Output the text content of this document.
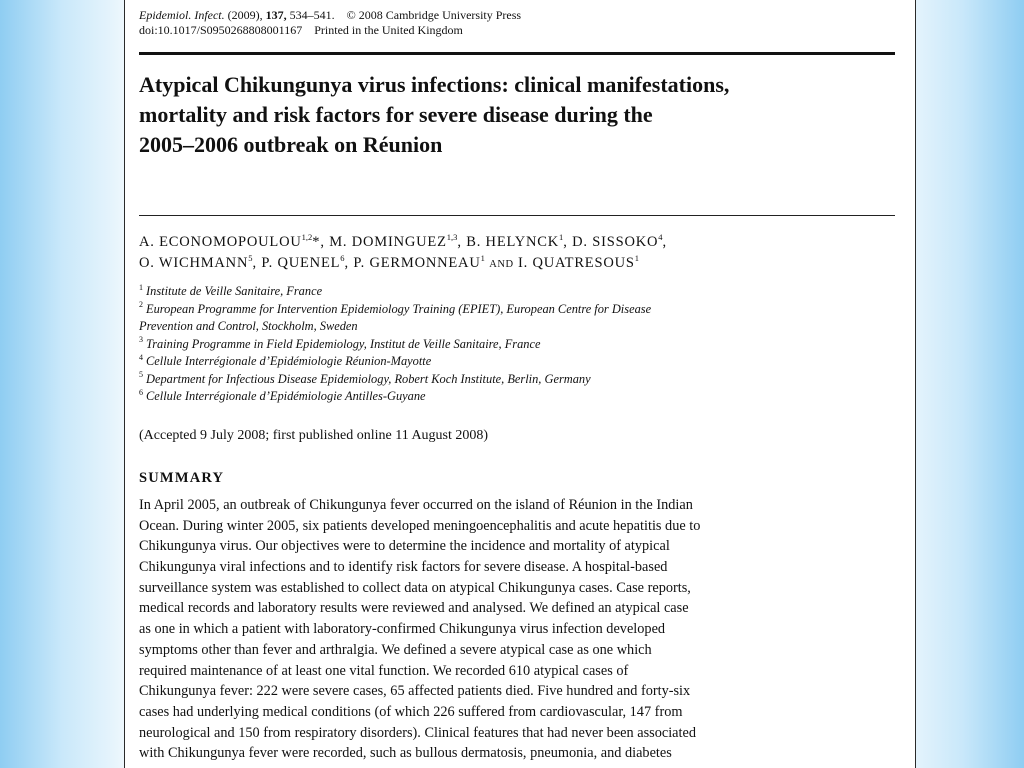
Epidemiol. Infect. (2009), 137, 534–541. © 2008 Cambridge University Press
doi:10.1017/S0950268808001167 Printed in the United Kingdom
Atypical Chikungunya virus infections: clinical manifestations,
mortality and risk factors for severe disease during the
2005–2006 outbreak on Réunion
A. ECONOMOPOULOU$^{1,2}$*, M. DOMINGUEZ$^{1,3}$, B. HELYNCK$^1$, D. SISSOKO$^4$,
O. WICHMANN$^5$, P. QUENEL$^6$, P. GERMONNEAU$^1$ AND I. QUATRESOUS$^1$
$^1$ Institute de Veille Sanitaire, France
$^2$ European Programme for Intervention Epidemiology Training (EPIET), European Centre for Disease
Prevention and Control, Stockholm, Sweden
$^3$ Training Programme in Field Epidemiology, Institut de Veille Sanitaire, France
$^4$ Cellule Interrégionale d’Epidémiologie Réunion-Mayotte
$^5$ Department for Infectious Disease Epidemiology, Robert Koch Institute, Berlin, Germany
$^6$ Cellule Interrégionale d’Epidémiologie Antilles-Guyane
(Accepted 9 July 2008; first published online 11 August 2008)
SUMMARY
In April 2005, an outbreak of Chikungunya fever occurred on the island of Réunion in the Indian
Ocean. During winter 2005, six patients developed meningoencephalitis and acute hepatitis due to
Chikungunya virus. Our objectives were to determine the incidence and mortality of atypical
Chikungunya viral infections and to identify risk factors for severe disease. A hospital-based
surveillance system was established to collect data on atypical Chikungunya cases. Case reports,
medical records and laboratory results were reviewed and analysed. We defined an atypical case
as one in which a patient with laboratory-confirmed Chikungunya virus infection developed
symptoms other than fever and arthralgia. We defined a severe atypical case as one which
required maintenance of at least one vital function. We recorded 610 atypical cases of
Chikungunya fever: 222 were severe cases, 65 affected patients died. Five hundred and forty-six
cases had underlying medical conditions (of which 226 suffered from cardiovascular, 147 from
neurological and 150 from respiratory disorders). Clinical features that had never been associated
with Chikungunya fever were recorded, such as bullous dermatosis, pneumonia, and diabetes
